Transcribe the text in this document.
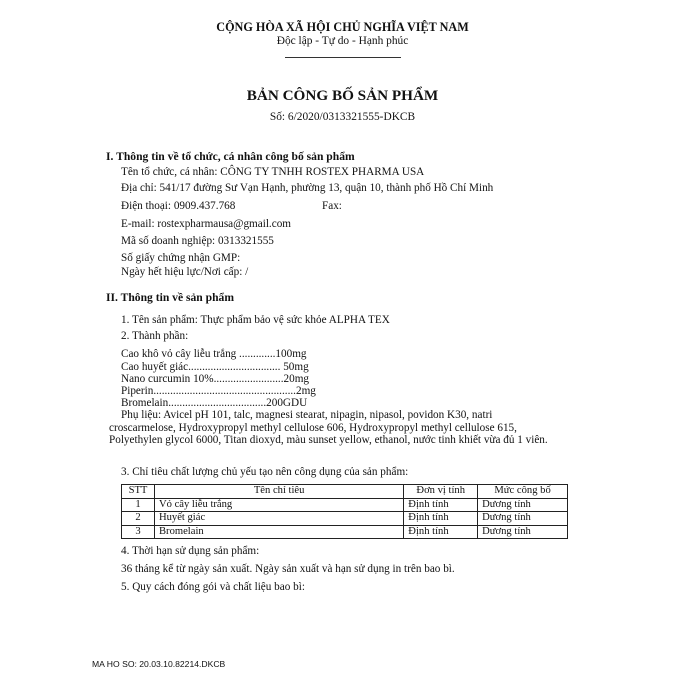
CỘNG HÒA XÃ HỘI CHỦ NGHĨA VIỆT NAM
Độc lập - Tự do - Hạnh phúc
BẢN CÔNG BỐ SẢN PHẨM
Số: 6/2020/0313321555-DKCB
I. Thông tin về tổ chức, cá nhân công bố sản phẩm
Tên tổ chức, cá nhân: CÔNG TY TNHH ROSTEX PHARMA USA
Địa chỉ: 541/17 đường Sư Vạn Hạnh, phường 13, quận 10, thành phố Hồ Chí Minh
Điện thoại: 0909.437.768	Fax:
E-mail: rostexpharmausa@gmail.com
Mã số doanh nghiệp: 0313321555
Số giấy chứng nhận GMP:
Ngày hết hiệu lực/Nơi cấp: /
II. Thông tin về sản phẩm
1. Tên sản phẩm: Thực phẩm bảo vệ sức khỏe ALPHA TEX
2. Thành phần:
Cao khô vỏ cây liễu trắng .............100mg
Cao huyết giác................................. 50mg
Nano curcumin 10%.........................20mg
Piperin...................................................2mg
Bromelain...................................200GDU
Phụ liệu: Avicel pH 101, talc, magnesi stearat, nipagin, nipasol, povidon K30, natri croscarmelose, Hydroxypropyl methyl cellulose 606, Hydroxypropyl methyl cellulose 615, Polyethylen glycol 6000, Titan dioxyd, màu sunset yellow, ethanol, nước tinh khiết vừa đủ 1 viên.
3. Chỉ tiêu chất lượng chủ yếu tạo nên công dụng của sản phẩm:
STT	Tên chỉ tiêu	Đơn vị tính	Mức công bố
1	Vỏ cây liễu trắng	Định tính	Dương tính
2	Huyết giác	Định tính	Dương tính
3	Bromelain	Định tính	Dương tính
4. Thời hạn sử dụng sản phẩm:
36 tháng kể từ ngày sản xuất. Ngày sản xuất và hạn sử dụng in trên bao bì.
5. Quy cách đóng gói và chất liệu bao bì:
MA HO SO: 20.03.10.82214.DKCB
